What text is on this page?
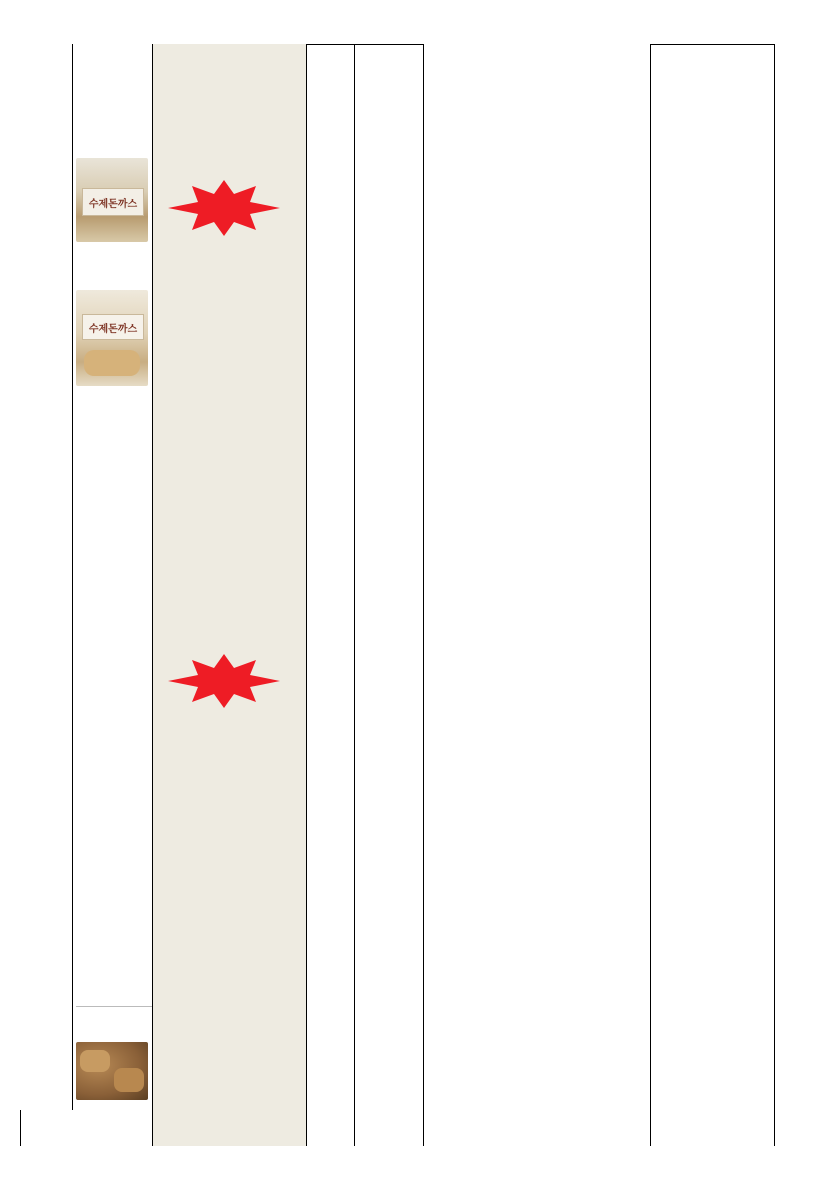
수제돈까스
수제돈까스
